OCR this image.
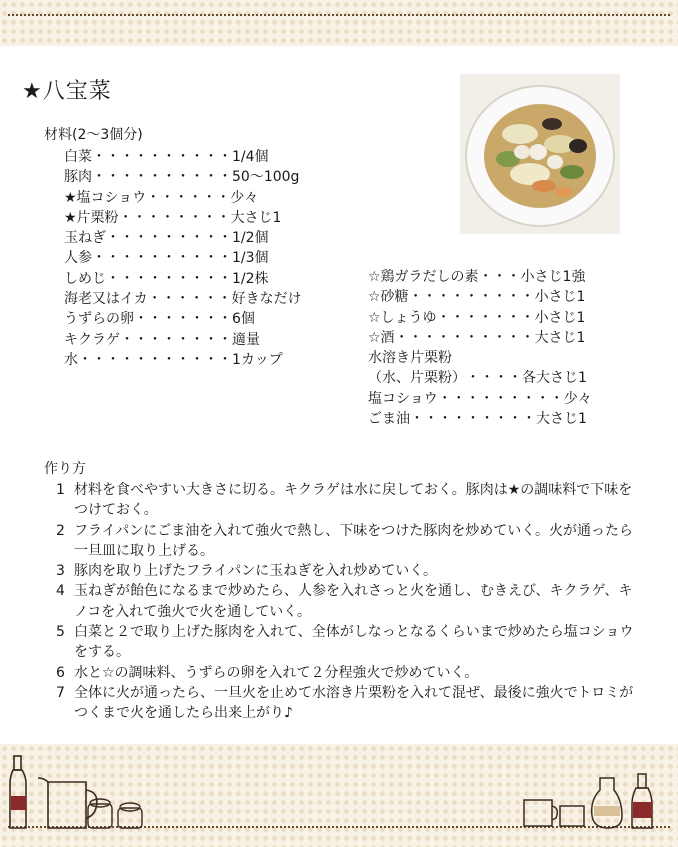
★八宝菜
材料(2～3個分)
白菜 ・・・・・・・・・・ 1/4個
豚肉 ・・・・・・・・・・ 50～100g
★塩コショウ ・・・・・・ 少々
★片栗粉 ・・・・・・・・ 大さじ1
玉ねぎ ・・・・・・・・・ 1/2個
人参 ・・・・・・・・・・ 1/3個
しめじ ・・・・・・・・・ 1/2株
海老又はイカ ・・・・・・ 好きなだけ
うずらの卵 ・・・・・・・ 6個
キクラゲ ・・・・・・・・ 適量
水 ・・・・・・・・・・・ 1カップ
☆鶏ガラだしの素 ・・・ 小さじ1強
☆砂糖 ・・・・・・・・・ 小さじ1
☆しょうゆ ・・・・・・・ 小さじ1
☆酒 ・・・・・・・・・・ 大さじ1
水溶き片栗粉
（水、片栗粉） ・・・・ 各大さじ1
塩コショウ ・・・・・・・・・ 少々
ごま油 ・・・・・・・・・ 大さじ1
作り方
1 材料を食べやすい大きさに切る。キクラゲは水に戻しておく。豚肉は★の調味料で下味をつけておく。
2 フライパンにごま油を入れて強火で熱し、下味をつけた豚肉を炒めていく。火が通ったら一旦皿に取り上げる。
3 豚肉を取り上げたフライパンに玉ねぎを入れ炒めていく。
4 玉ねぎが飴色になるまで炒めたら、人参を入れさっと火を通し、むきえび、キクラゲ、キノコを入れて強火で火を通していく。
5 白菜と２で取り上げた豚肉を入れて、全体がしなっとなるくらいまで炒めたら塩コショウをする。
6 水と☆の調味料、うずらの卵を入れて２分程強火で炒めていく。
7 全体に火が通ったら、一旦火を止めて水溶き片栗粉を入れて混ぜ、最後に強火でトロミがつくまで火を通したら出来上がり♪
